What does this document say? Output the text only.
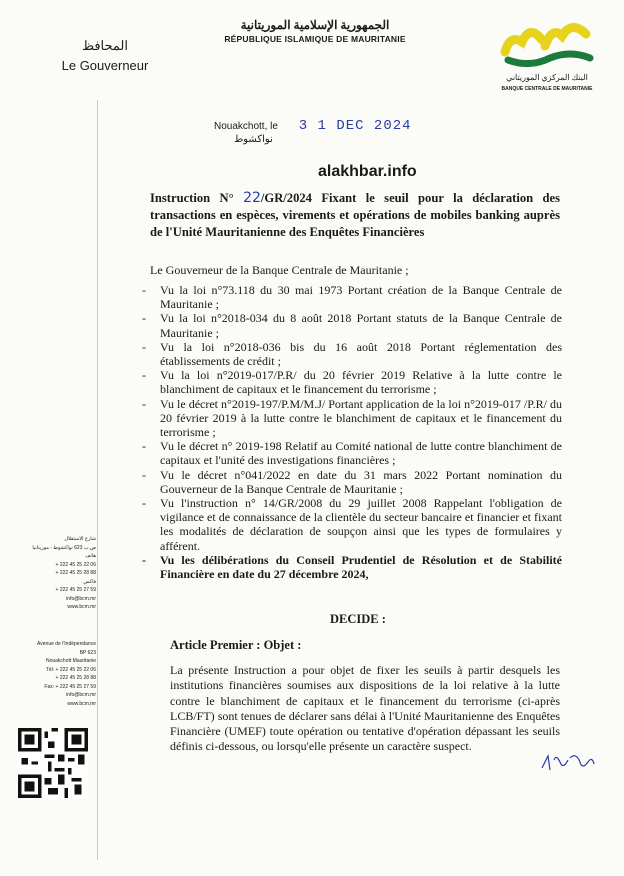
الجمهورية الإسلامية الموريتانية
RÉPUBLIQUE ISLAMIQUE DE MAURITANIE
المحافظ
Le Gouverneur
البنك المركزي الموريتاني
BANQUE CENTRALE DE MAURITANIE
Nouakchott, le 3 1 DEC 2024 نواكشوط
alakhbar.info
Instruction N° 22/GR/2024 Fixant le seuil pour la déclaration des transactions en espèces, virements et opérations de mobiles banking auprès de l'Unité Mauritanienne des Enquêtes Financières
Le Gouverneur de la Banque Centrale de Mauritanie ;
- Vu la loi n°73.118 du 30 mai 1973 Portant création de la Banque Centrale de Mauritanie ;
- Vu la loi n°2018-034 du 8 août 2018 Portant statuts de la Banque Centrale de Mauritanie ;
- Vu la loi n°2018-036 bis du 16 août 2018 Portant réglementation des établissements de crédit ;
- Vu la loi n°2019-017/P.R/ du 20 février 2019 Relative à la lutte contre le blanchiment de capitaux et le financement du terrorisme ;
- Vu le décret n°2019-197/P.M/M.J/ Portant application de la loi n°2019-017 /P.R/ du 20 février 2019 à la lutte contre le blanchiment de capitaux et le financement du terrorisme ;
- Vu le décret n° 2019-198 Relatif au Comité national de lutte contre blanchiment de capitaux et l'unité des investigations financières ;
- Vu le décret n°041/2022 en date du 31 mars 2022 Portant nomination du Gouverneur de la Banque Centrale de Mauritanie ;
- Vu l'instruction n° 14/GR/2008 du 29 juillet 2008 Rappelant l'obligation de vigilance et de connaissance de la clientèle du secteur bancaire et financier et fixant les modalités de déclaration de soupçon ainsi que les types de formulaires y afférent.
- Vu les délibérations du Conseil Prudentiel de Résolution et de Stabilité Financière en date du 27 décembre 2024,
DECIDE :
Article Premier : Objet :
La présente Instruction a pour objet de fixer les seuils à partir desquels les institutions financières soumises aux dispositions de la loi relative à la lutte contre le blanchiment de capitaux et le financement du terrorisme (ci-après LCB/FT) sont tenues de déclarer sans délai à l'Unité Mauritanienne des Enquêtes Financière (UMEF) toute opération ou tentative d'opération dépassant les seuils définis ci-dessous, ou lorsqu'elle présente un caractère suspect.
شارع الاستقلال
ص.ب 623 نواكشوط - موريتانيا
هاتف
+ 222 45 25 22 06
+ 222 45 25 28 88
فاكس
+ 222 45 25 27 59
info@bcm.mr
www.bcm.mr
Avenue de l'Indépendance
BP 623
Nouakchott Mauritanie
Tél: + 222 45 25 22 06
+ 222 45 25 28 88
Fax: + 222 45 25 27 59
info@bcm.mr
www.bcm.mr
